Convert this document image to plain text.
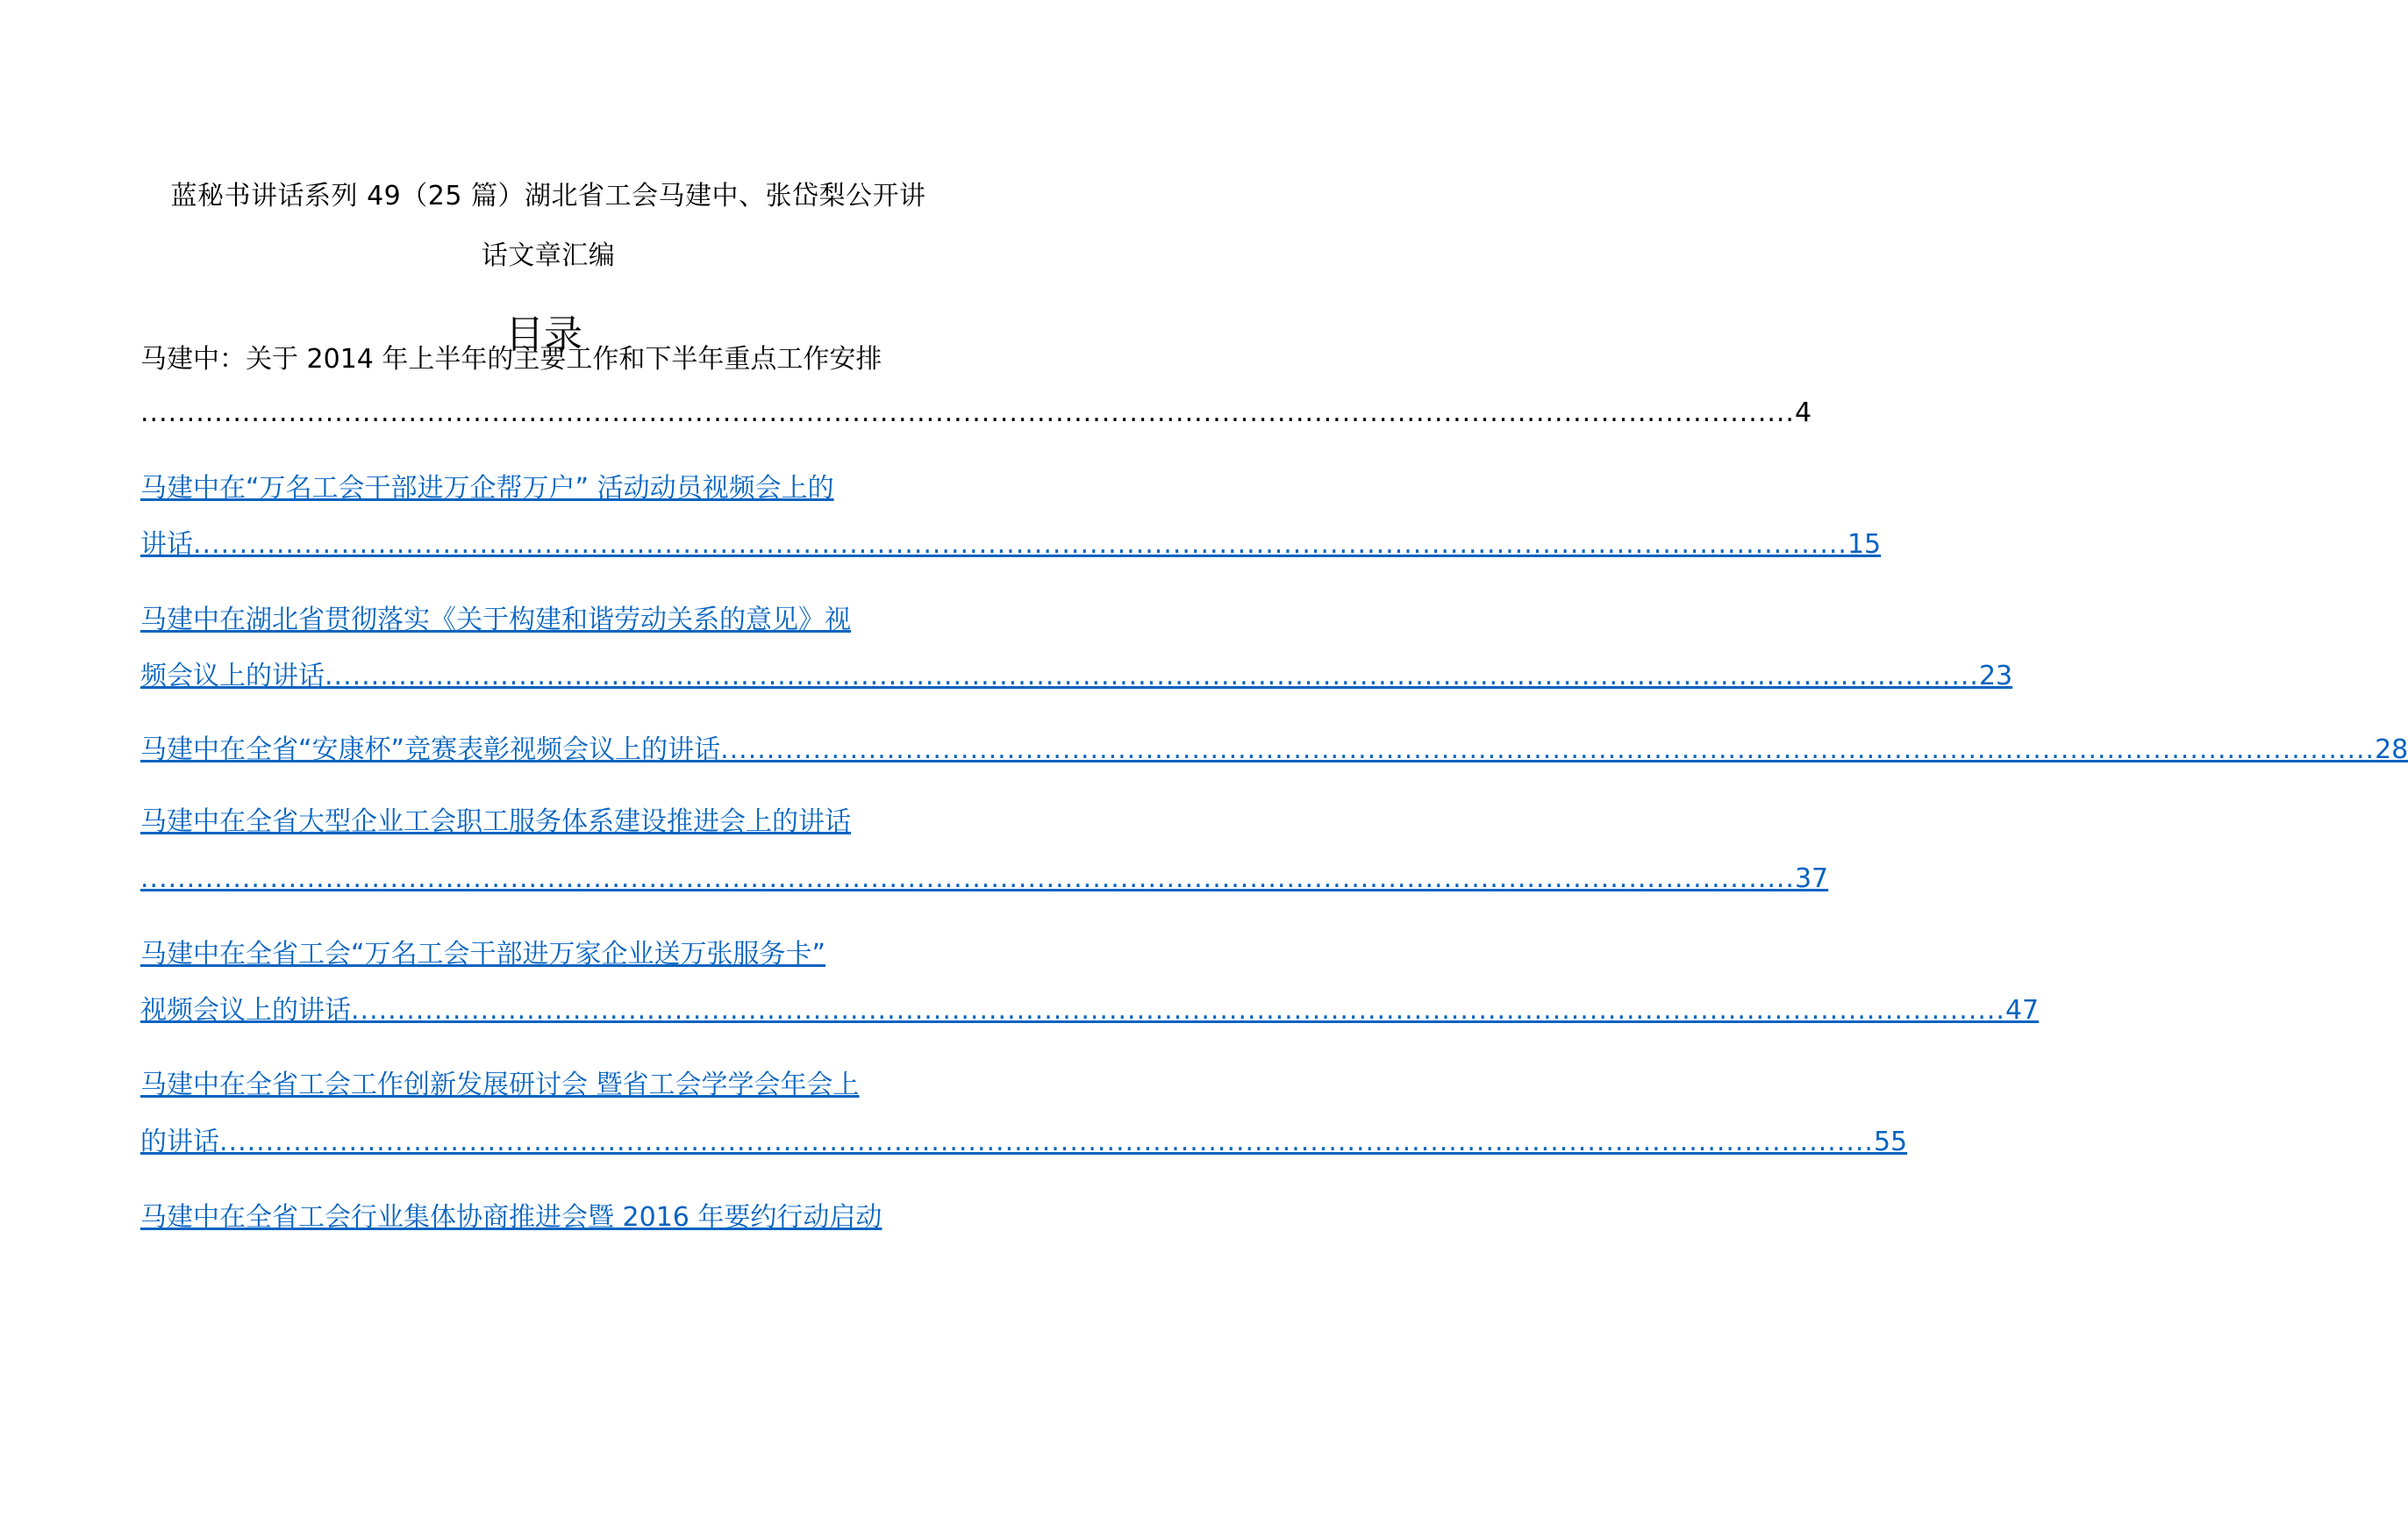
蓝秘书讲话系列 49（25 篇）湖北省工会马建中、张岱梨公开讲
话文章汇编
目录
马建中：关于 2014 年上半年的主要工作和下半年重点工作安排
................................................................................................................................................................................... 4
马建中在“万名工会干部进万企帮万户” 活动动员视频会上的
讲话 ................................................................................................................................................................................... 15
马建中在湖北省贯彻落实《关于构建和谐劳动关系的意见》视
频会议上的讲话 ................................................................................................................................................................................... 23
马建中在全省“安康杯”竞赛表彰视频会议上的讲话 ................................................................................................................................................................................... 28
马建中在全省大型企业工会职工服务体系建设推进会上的讲话
................................................................................................................................................................................... 37
马建中在全省工会“万名工会干部进万家企业送万张服务卡”
视频会议上的讲话 ................................................................................................................................................................................... 47
马建中在全省工会工作创新发展研讨会 暨省工会学学会年会上
的讲话 ................................................................................................................................................................................... 55
马建中在全省工会行业集体协商推进会暨 2016 年要约行动启动
